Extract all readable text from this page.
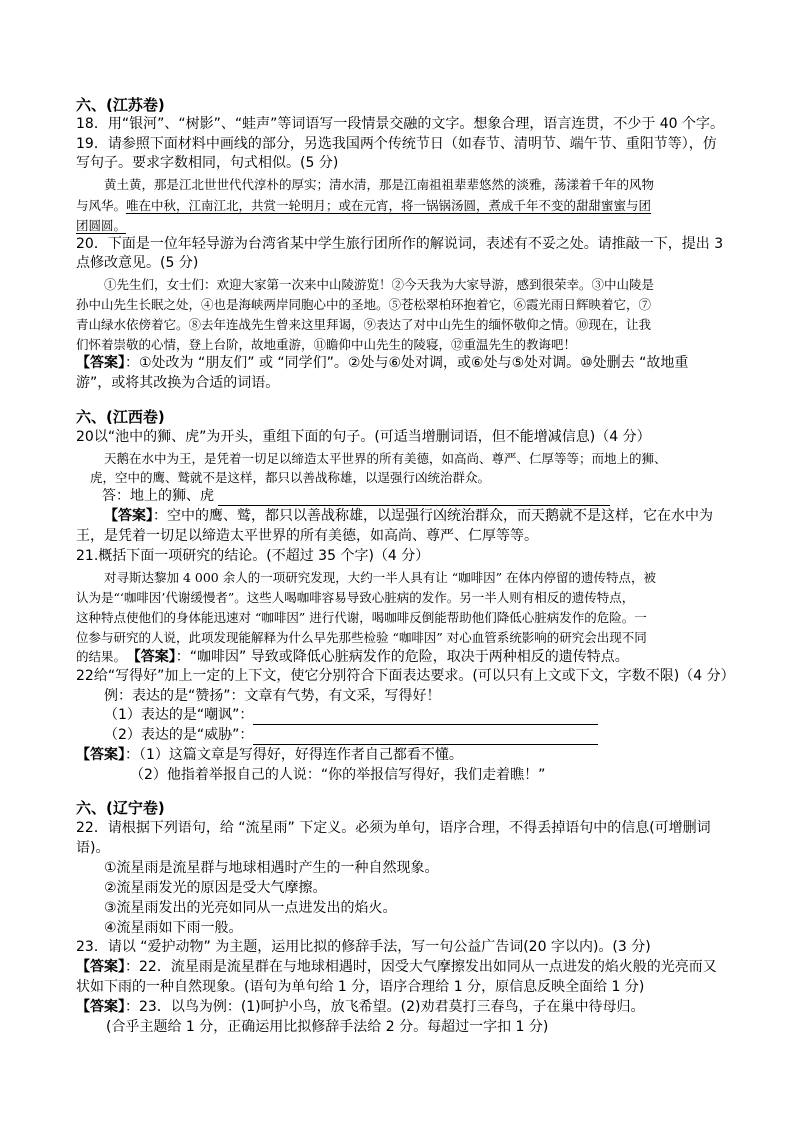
六、(江苏卷)
18．用“银河”、“树影”、“蛙声”等词语写一段情景交融的文字。想象合理，语言连贯，不少于 40 个字。
19．请参照下面材料中画线的部分，另选我国两个传统节日（如春节、清明节、端午节、重阳节等），仿
写句子。要求字数相同，句式相似。(5 分)
黄土黄，那是江北世世代代淳朴的厚实；清水清，那是江南祖祖辈辈悠然的淡雅，荡漾着千年的风物
与风华。唯在中秋，江南江北，共赏一轮明月；或在元宵，将一锅锅汤圆，煮成千年不变的甜甜蜜蜜与团
团圆圆。
20．下面是一位年轻导游为台湾省某中学生旅行团所作的解说词，表述有不妥之处。请推敲一下，提出 3
点修改意见。(5 分)
①先生们，女士们：欢迎大家第一次来中山陵游览！②今天我为大家导游，感到很荣幸。③中山陵是
孙中山先生长眠之处，④也是海峡两岸同胞心中的圣地。⑤苍松翠柏环抱着它，⑥霞光雨日辉映着它，⑦
青山绿水依傍着它。⑧去年连战先生曾来这里拜谒，⑨表达了对中山先生的缅怀敬仰之情。⑩现在，让我
们怀着崇敬的心情，登上台阶，故地重游，⑪瞻仰中山先生的陵寝，⑫重温先生的教诲吧！
【答案】：①处改为 “朋友们” 或 “同学们”。②处与⑥处对调，或⑥处与⑤处对调。⑩处删去 “故地重
游”，或将其改换为合适的词语。
六、(江西卷)
20以“池中的狮、虎”为开头，重组下面的句子。(可适当增删词语，但不能增减信息)（4 分）
天鹅在水中为王，是凭着一切足以缔造太平世界的所有美德，如高尚、尊严、仁厚等等；而地上的狮、
虎，空中的鹰、鹫就不是这样，都只以善战称雄，以逞强行凶统治群众。
答：地上的狮、虎
【答案】：空中的鹰、鹫，都只以善战称雄，以逞强行凶统治群众，而天鹅就不是这样，它在水中为
王，是凭着一切足以缔造太平世界的所有美德，如高尚、尊严、仁厚等等。
21.概括下面一项研究的结论。(不超过 35 个字)（4 分）
对寻斯达黎加 4 000 余人的一项研究发现，大约一半人具有让 “咖啡因” 在体内停留的遗传特点，被
认为是“‘咖啡因’代谢缓慢者”。这些人喝咖啡容易导致心脏病的发作。另一半人则有相反的遗传特点，
这种特点使他们的身体能迅速对 “咖啡因” 进行代谢，喝咖啡反倒能帮助他们降低心脏病发作的危险。一
位参与研究的人说，此项发现能解释为什么早先那些检验 “咖啡因” 对心血管系统影响的研究会出现不同
的结果。　 【答案】：“咖啡因” 导致或降低心脏病发作的危险，取决于两种相反的遗传特点。
22给“写得好”加上一定的上下文，使它分别符合下面表达要求。(可以只有上文或下文，字数不限)（4 分）
例：表达的是“赞扬”：文章有气势，有文采，写得好！
（1）表达的是“嘲讽”：
（2）表达的是“威胁”：
【答案】：（1）这篇文章是写得好，好得连作者自己都看不懂。
（2）他指着举报自己的人说：“你的举报信写得好，我们走着瞧！”
六、(辽宁卷)
22．请根据下列语句，给 “流星雨” 下定义。必须为单句，语序合理，不得丢掉语句中的信息(可增删词
语)。
①流星雨是流星群与地球相遇时产生的一种自然现象。
②流星雨发光的原因是受大气摩擦。
③流星雨发出的光亮如同从一点进发出的焰火。
④流星雨如下雨一般。
23．请以 “爱护动物” 为主题，运用比拟的修辞手法，写一句公益广告词(20 字以内)。(3 分)
【答案】：22．流星雨是流星群在与地球相遇时，因受大气摩擦发出如同从一点进发的焰火般的光亮而又
状如下雨的一种自然现象。(语句为单句给 1 分，语序合理给 1 分，原信息反映全面给 1 分)
【答案】：23．以鸟为例：(1)呵护小鸟，放飞希望。(2)劝君莫打三春鸟，子在巢中待母归。
(合乎主题给 1 分，正确运用比拟修辞手法给 2 分。每超过一字扣 1 分)
